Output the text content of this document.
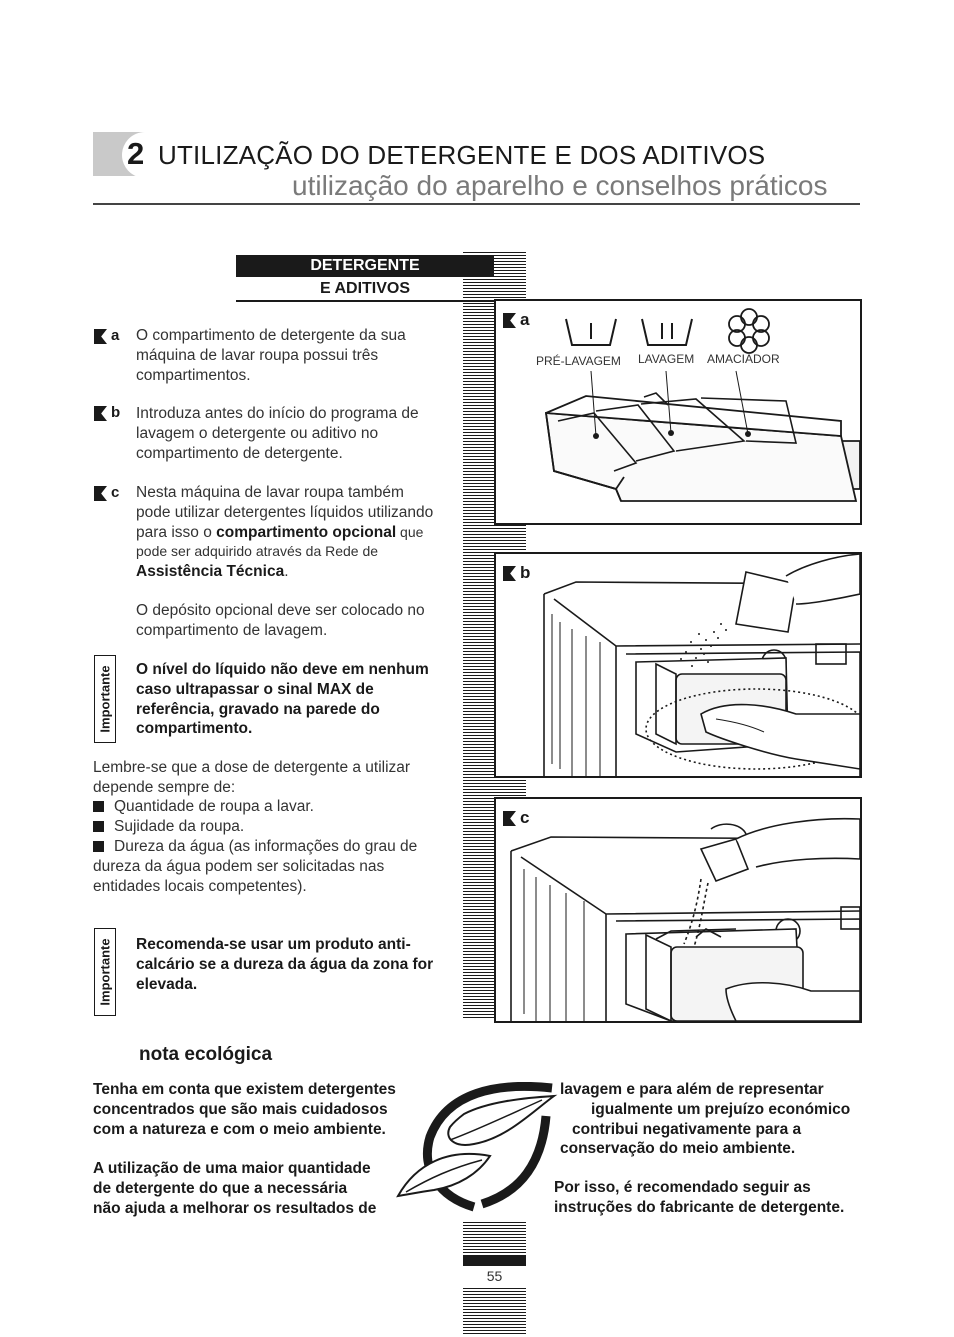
2 UTILIZAÇÃO DO DETERGENTE E DOS ADITIVOS
utilização do aparelho e conselhos práticos
55
DETERGENTE
E ADITIVOS
a O compartimento de detergente da sua máquina de lavar roupa possui três compartimentos.
b Introduza antes do início do programa de lavagem o detergente ou aditivo no compartimento de detergente.
c Nesta máquina de lavar roupa também pode utilizar detergentes líquidos utilizando para isso o compartimento opcional que pode ser adquirido através da Rede de Assistência Técnica.
O depósito opcional deve ser colocado no compartimento de lavagem.
Importante O nível do líquido não deve em nenhum caso ultrapassar o sinal MAX de referência, gravado na parede do compartimento.
Lembre-se que a dose de detergente a utilizar depende sempre de:
Quantidade de roupa a lavar.
Sujidade da roupa.
Dureza da água (as informações do grau de dureza da água podem ser solicitadas nas entidades locais competentes).
Importante Recomenda-se usar um produto anti-calcário se a dureza da água da zona for elevada.
a
PRÉ-LAVAGEM LAVAGEM AMACIADOR
b
c
nota ecológica
Tenha em conta que existem detergentes
concentrados que são mais cuidadosos
com a natureza e com o meio ambiente.
A utilização de uma maior quantidade
de detergente do que a necessária
não ajuda a melhorar os resultados de
lavagem e para além de representar
igualmente um prejuízo económico
contribui negativamente para a
conservação do meio ambiente.
Por isso, é recomendado seguir as
instruções do fabricante de detergente.
